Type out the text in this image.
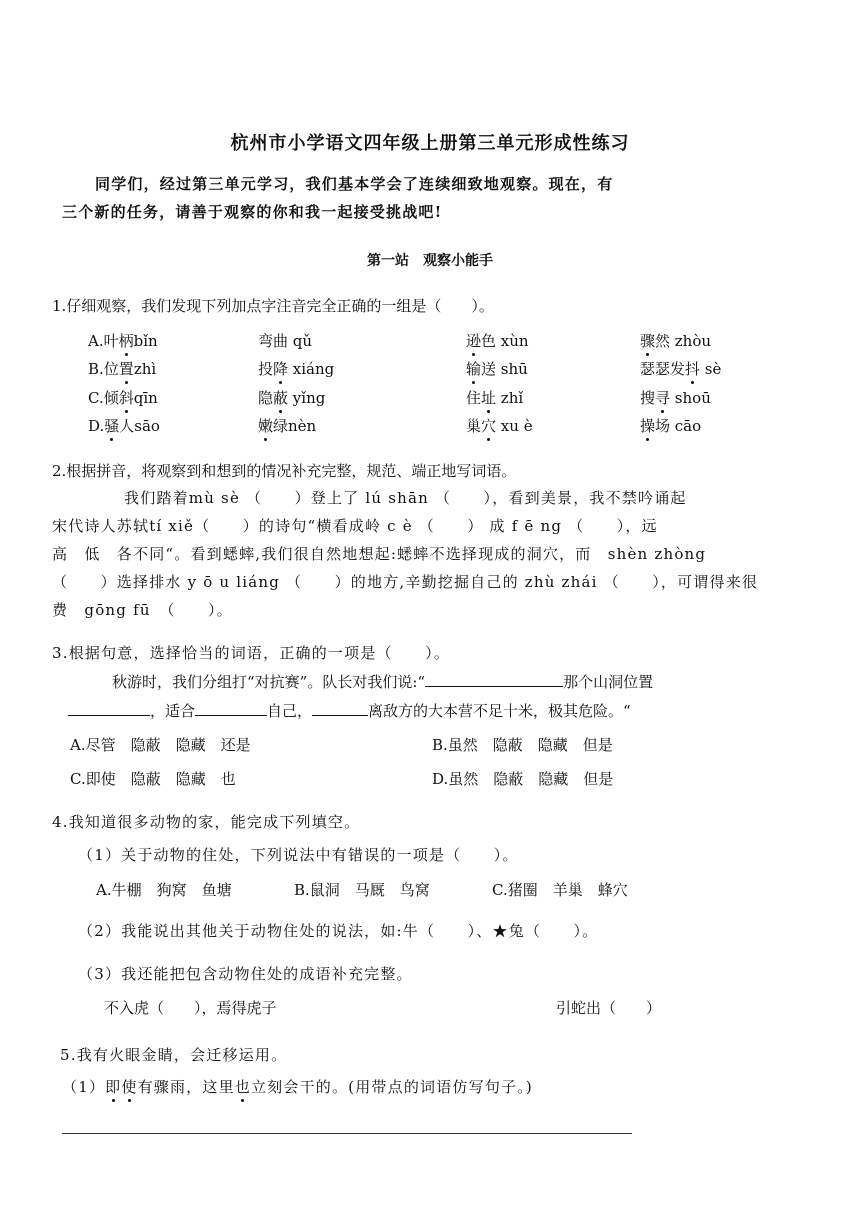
杭州市小学语文四年级上册第三单元形成性练习
同学们，经过第三单元学习，我们基本学会了连续细致地观察。现在，有
三个新的任务，请善于观察的你和我一起接受挑战吧!
第一站　观察小能手
1.仔细观察，我们发现下列加点字注音完全正确的一组是（　　）。
A.叶柄bǐn	弯曲 qǔ	逊色 xùn	骤然 zhòu
B.位置zhì	投降 xiáng	输送 shū	瑟瑟发抖 sè
C.倾斜qīn	隐蔽 yǐng	住址 zhǐ	搜寻 shoū
D.骚人sāo	嫩绿nèn	巢穴 xu è	操场 cāo
2.根据拼音，将观察到和想到的情况补充完整，规范、端正地写词语。
我们踏着mù sè （　　）登上了 lú shān （　　），看到美景，我不禁吟诵起
宋代诗人苏轼tí xiě（　　）的诗句“横看成岭 c è （　　） 成 f ē ng （　　），远
高　低　各不同“。看到蟋蟀,我们很自然地想起:蟋蟀不选择现成的洞穴，而　shèn zhòng
（　　）选择排水 y ō u liáng （　　）的地方,辛勤挖掘自己的 zhù zhái （　　），可谓得来很
费　gōng fū　（　　）。
3.根据句意，选择恰当的词语，正确的一项是（　　）。
秋游时，我们分组打“对抗赛”。队长对我们说:“	那个山洞位置
，适合	自己，	离敌方的大本营不足十米，极其危险。“
A.尽管　隐蔽　隐藏　还是	B.虽然　隐蔽　隐藏　但是
C.即使　隐蔽　隐藏　也	D.虽然　隐蔽　隐藏　但是
4.我知道很多动物的家，能完成下列填空。
（1）关于动物的住处，下列说法中有错误的一项是（　　）。
A.牛棚　狗窝　鱼塘	B.鼠洞　马厩　鸟窝	C.猪圈　羊巢　蜂穴
（2）我能说出其他关于动物住处的说法，如:牛（　　）、★兔（　　）。
（3）我还能把包含动物住处的成语补充完整。
不入虎（　　），焉得虎子	引蛇出（　　）
5.我有火眼金睛，会迁移运用。
（1）即使有骤雨，这里也立刻会干的。(用带点的词语仿写句子。)
